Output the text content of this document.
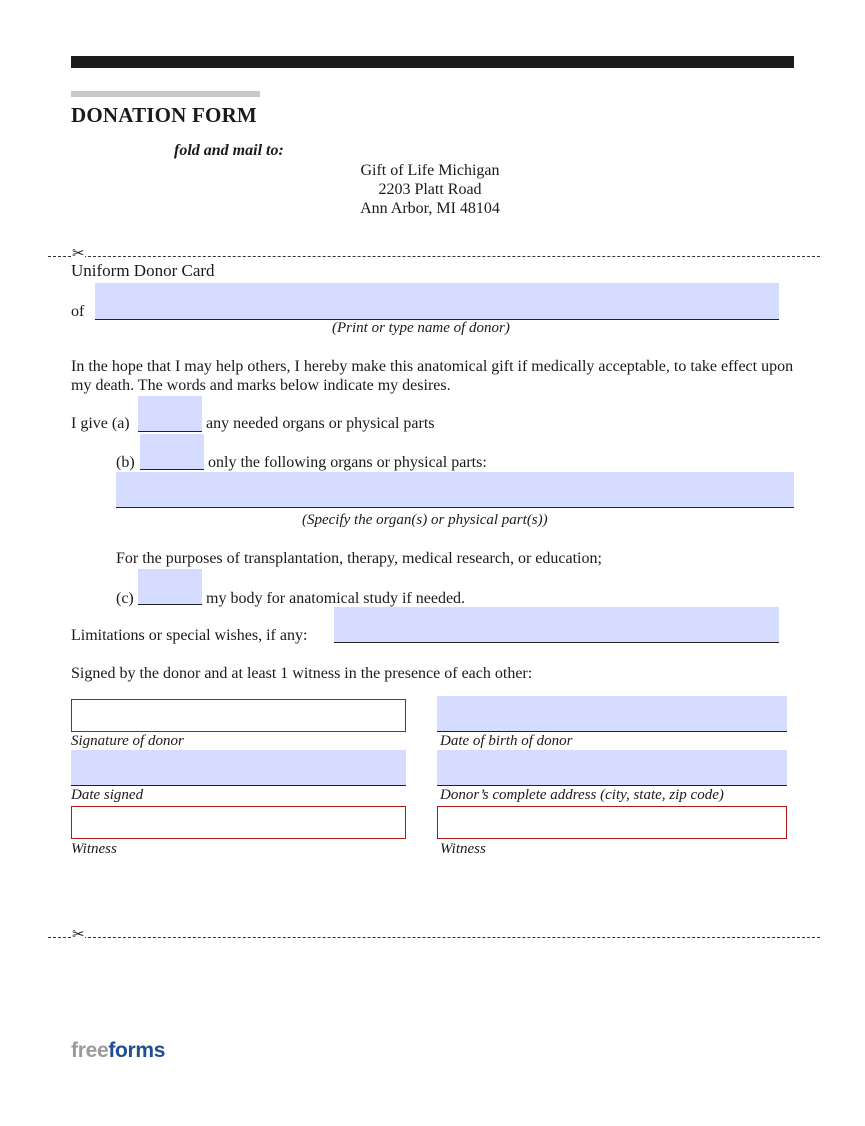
DONATION FORM
fold and mail to:
Gift of Life Michigan
2203 Platt Road
Ann Arbor, MI 48104
✂
Uniform Donor Card
of
(Print or type name of donor)
In the hope that I may help others, I hereby make this anatomical gift if medically acceptable, to take effect upon my death. The words and marks below indicate my desires.
I give (a)	any needed organs or physical parts
(b)	only the following organs or physical parts:
(Specify the organ(s) or physical part(s))
For the purposes of transplantation, therapy, medical research, or education;
(c)	my body for anatomical study if needed.
Limitations or special wishes, if any:
Signed by the donor and at least 1 witness in the presence of each other:
Signature of donor	Date of birth of donor
Date signed	Donor’s complete address (city, state, zip code)
Witness	Witness
✂
freeforms
